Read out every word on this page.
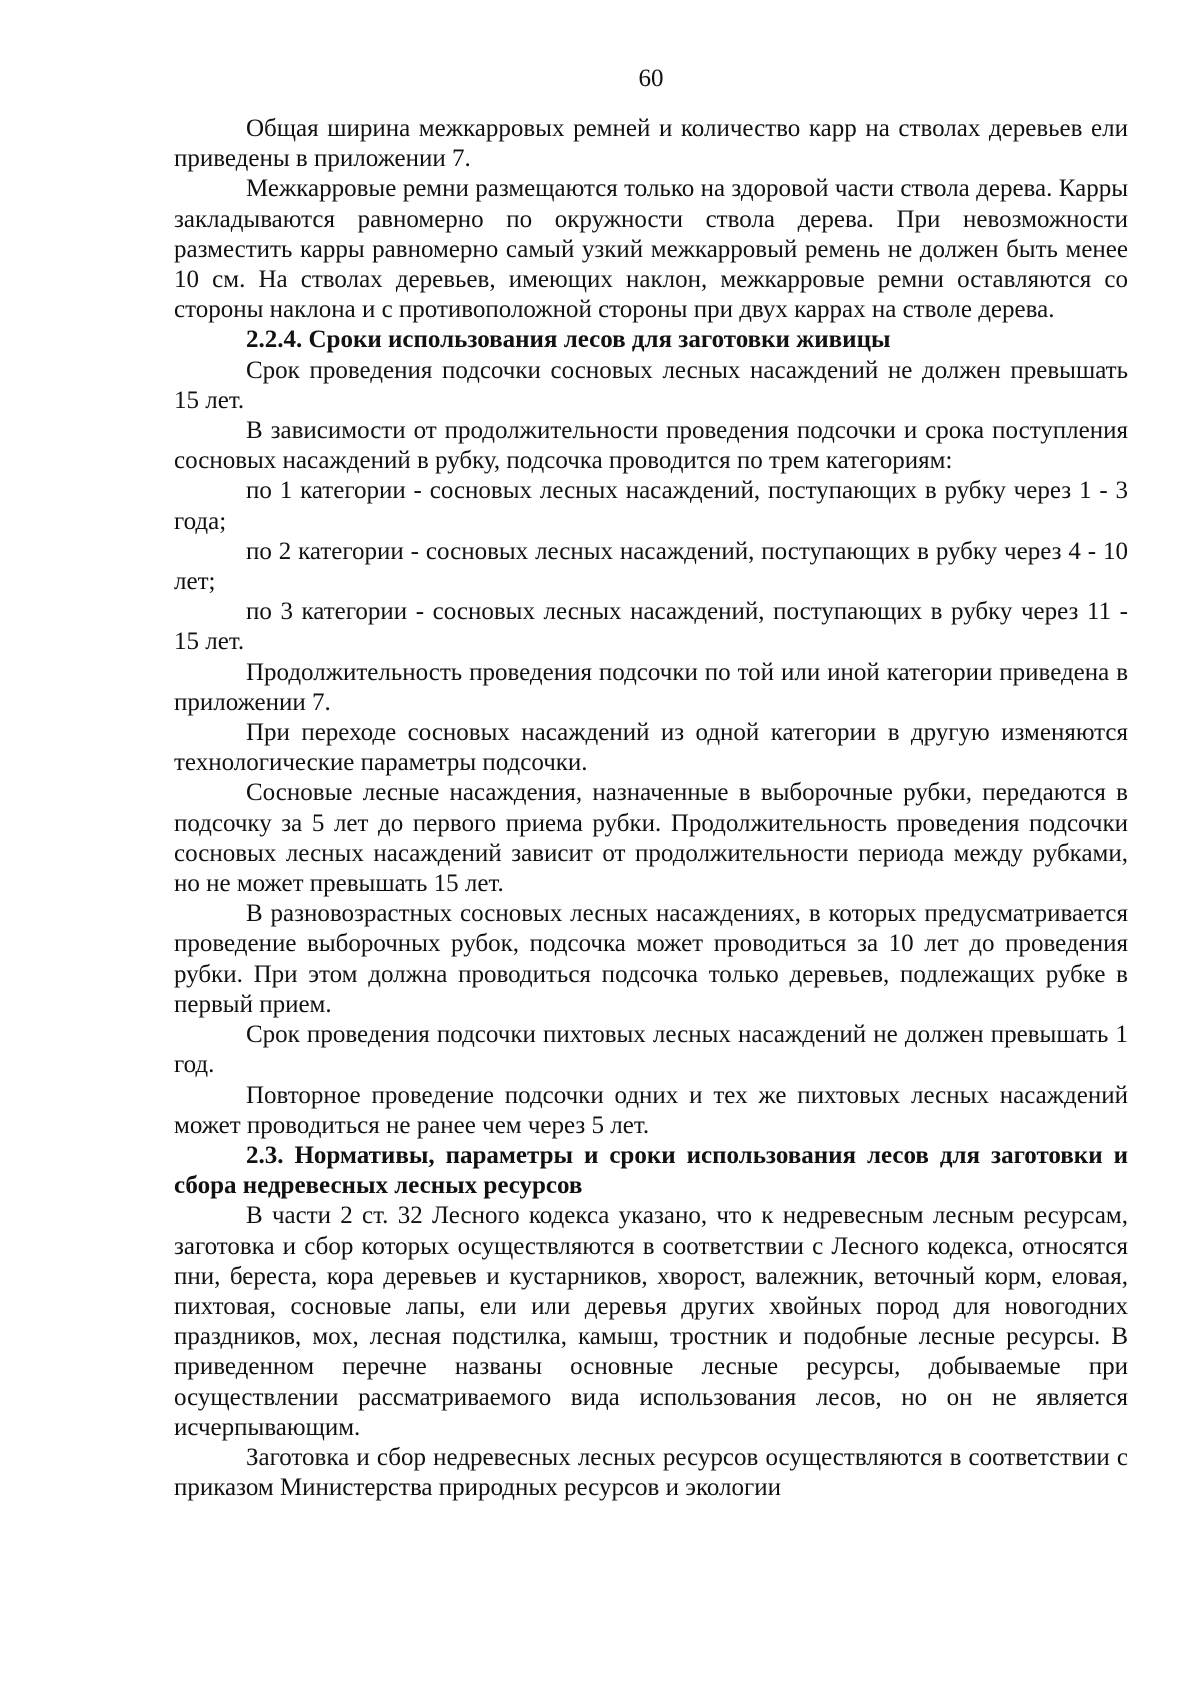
60

Общая ширина межкарровых ремней и количество карр на стволах деревьев ели приведены в приложении 7.

Межкарровые ремни размещаются только на здоровой части ствола дерева. Карры закладываются равномерно по окружности ствола дерева. При невозможности разместить карры равномерно самый узкий межкарровый ремень не должен быть менее 10 см. На стволах деревьев, имеющих наклон, межкарровые ремни оставляются со стороны наклона и с противоположной стороны при двух каррах на стволе дерева.

2.2.4. Сроки использования лесов для заготовки живицы

Срок проведения подсочки сосновых лесных насаждений не должен превышать 15 лет.

В зависимости от продолжительности проведения подсочки и срока поступления сосновых насаждений в рубку, подсочка проводится по трем категориям:

по 1 категории - сосновых лесных насаждений, поступающих в рубку через 1 - 3 года;

по 2 категории - сосновых лесных насаждений, поступающих в рубку через 4 - 10 лет;

по 3 категории - сосновых лесных насаждений, поступающих в рубку через 11 - 15 лет.

Продолжительность проведения подсочки по той или иной категории приведена в приложении 7.

При переходе сосновых насаждений из одной категории в другую изменяются технологические параметры подсочки.

Сосновые лесные насаждения, назначенные в выборочные рубки, передаются в подсочку за 5 лет до первого приема рубки. Продолжительность проведения подсочки сосновых лесных насаждений зависит от продолжительности периода между рубками, но не может превышать 15 лет.

В разновозрастных сосновых лесных насаждениях, в которых предусматривается проведение выборочных рубок, подсочка может проводиться за 10 лет до проведения рубки. При этом должна проводиться подсочка только деревьев, подлежащих рубке в первый прием.

Срок проведения подсочки пихтовых лесных насаждений не должен превышать 1 год.

Повторное проведение подсочки одних и тех же пихтовых лесных насаждений может проводиться не ранее чем через 5 лет.

2.3. Нормативы, параметры и сроки использования лесов для заготовки и сбора недревесных лесных ресурсов

В части 2 ст. 32 Лесного кодекса указано, что к недревесным лесным ресурсам, заготовка и сбор которых осуществляются в соответствии с Лесного кодекса, относятся пни, береста, кора деревьев и кустарников, хворост, валежник, веточный корм, еловая, пихтовая, сосновые лапы, ели или деревья других хвойных пород для новогодних праздников, мох, лесная подстилка, камыш, тростник и подобные лесные ресурсы. В приведенном перечне названы основные лесные ресурсы, добываемые при осуществлении рассматриваемого вида использования лесов, но он не является исчерпывающим.

Заготовка и сбор недревесных лесных ресурсов осуществляются в соответствии с приказом Министерства природных ресурсов и экологии
